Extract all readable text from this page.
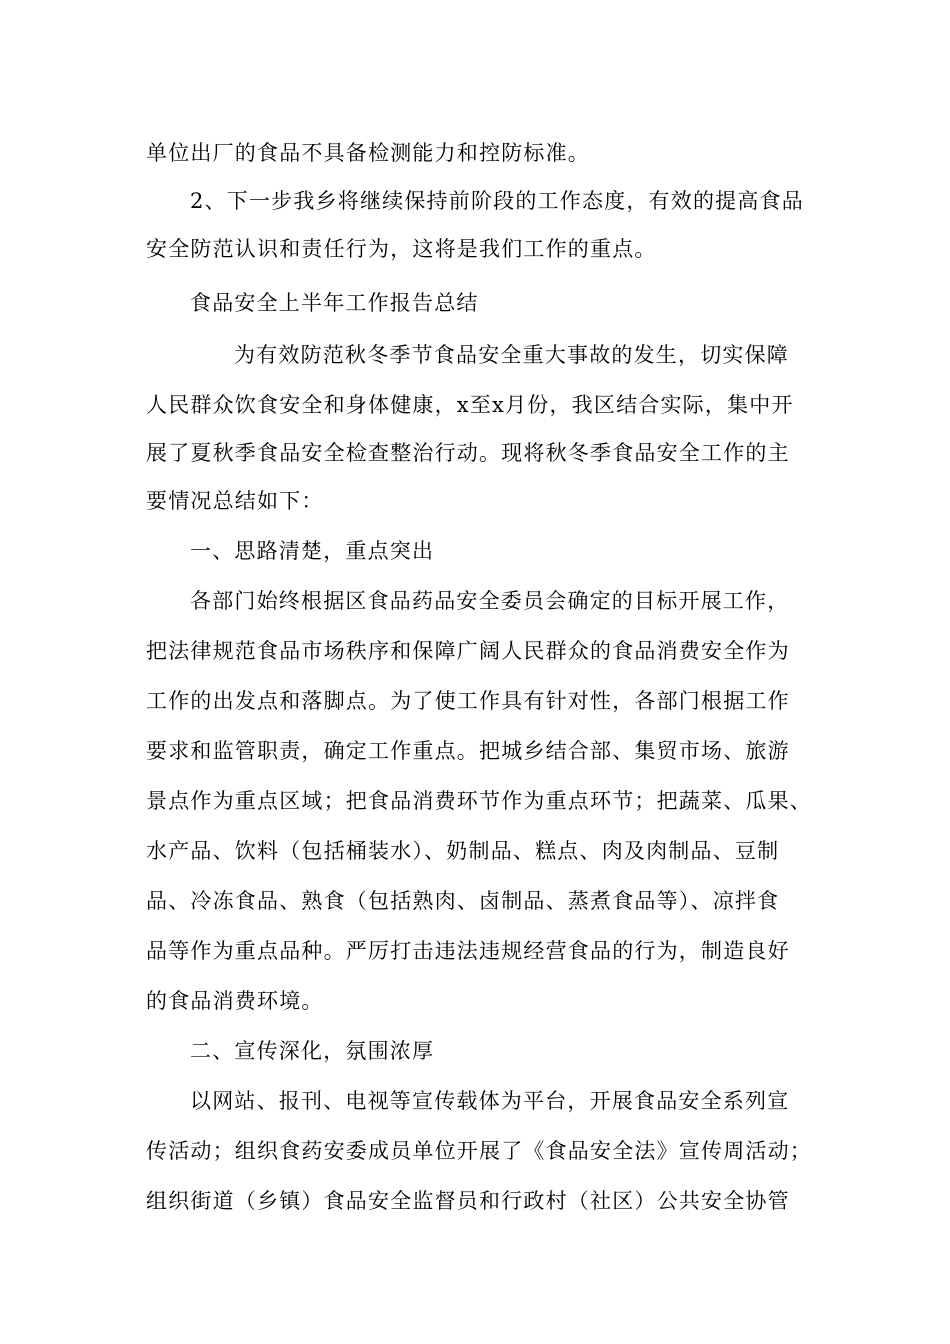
单位出厂的食品不具备检测能力和控防标准。
2、下一步我乡将继续保持前阶段的工作态度，有效的提高食品
安全防范认识和责任行为，这将是我们工作的重点。
食品安全上半年工作报告总结
为有效防范秋冬季节食品安全重大事故的发生，切实保障
人民群众饮食安全和身体健康，x至x月份，我区结合实际，集中开
展了夏秋季食品安全检查整治行动。现将秋冬季食品安全工作的主
要情况总结如下：
一、思路清楚，重点突出
各部门始终根据区食品药品安全委员会确定的目标开展工作，
把法律规范食品市场秩序和保障广阔人民群众的食品消费安全作为
工作的出发点和落脚点。为了使工作具有针对性，各部门根据工作
要求和监管职责，确定工作重点。把城乡结合部、集贸市场、旅游
景点作为重点区域；把食品消费环节作为重点环节；把蔬菜、瓜果、
水产品、饮料（包括桶装水）、奶制品、糕点、肉及肉制品、豆制
品、冷冻食品、熟食（包括熟肉、卤制品、蒸煮食品等）、凉拌食
品等作为重点品种。严厉打击违法违规经营食品的行为，制造良好
的食品消费环境。
二、宣传深化，氛围浓厚
以网站、报刊、电视等宣传载体为平台，开展食品安全系列宣
传活动；组织食药安委成员单位开展了《食品安全法》宣传周活动；
组织街道（乡镇）食品安全监督员和行政村（社区）公共安全协管
